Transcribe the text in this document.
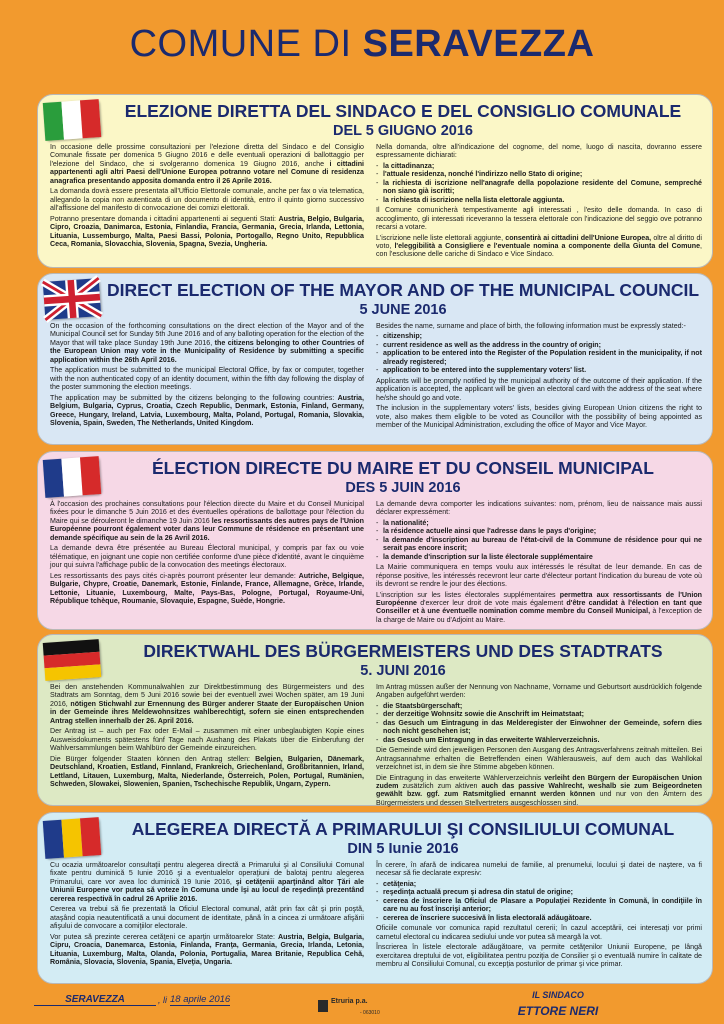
COMUNE DI SERAVEZZA
ELEZIONE DIRETTA DEL SINDACO E DEL CONSIGLIO COMUNALE
DEL 5 GIUGNO 2016

In occasione delle prossime consultazioni per l'elezione diretta del Sindaco e del Consiglio Comunale fissate per domenica 5 Giugno 2016 e delle eventuali operazioni di ballottaggio per l'elezione del Sindaco, che si svolgeranno domenica 19 Giugno 2016, anche i cittadini appartenenti agli altri Paesi dell'Unione Europea potranno votare nel Comune di residenza anagrafica presentando apposita domanda entro il 26 Aprile 2016.

La domanda dovrà essere presentata all'Ufficio Elettorale comunale, anche per fax o via telematica, allegando la copia non autenticata di un documento di identità, entro il quinto giorno successivo all'affissione del manifesto di convocazione dei comizi elettorali.

Potranno presentare domanda i cittadini appartenenti ai seguenti Stati: Austria, Belgio, Bulgaria, Cipro, Croazia, Danimarca, Estonia, Finlandia, Francia, Germania, Grecia, Irlanda, Lettonia, Lituania, Lussemburgo, Malta, Paesi Bassi, Polonia, Portogallo, Regno Unito, Repubblica Ceca, Romania, Slovacchia, Slovenia, Spagna, Svezia, Ungheria.

Nella domanda, oltre all'indicazione del cognome, del nome, luogo di nascita, dovranno essere espressamente dichiarati:

- la cittadinanza;
- l'attuale residenza, nonché l'indirizzo nello Stato di origine;
- la richiesta di iscrizione nell'anagrafe della popolazione residente del Comune, sempreché non siano già iscritti;
- la richiesta di iscrizione nella lista elettorale aggiunta.

Il Comune comunicherà tempestivamente agli interessati , l'esito delle domanda. In caso di accoglimento, gli interessati riceveranno la tessera elettorale con l'indicazione del seggio ove potranno recarsi a votare.

L'iscrizione nelle liste elettorali aggiunte, consentirà ai cittadini dell'Unione Europea, oltre al diritto di voto, l'eleggibilità a Consigliere e l'eventuale nomina a componente della Giunta del Comune, con l'esclusione delle cariche di Sindaco e Vice Sindaco.

DIRECT ELECTION OF THE MAYOR AND OF THE MUNICIPAL COUNCIL
5 JUNE 2016

On the occasion of the forthcoming consultations on the direct election of the Mayor and of the Municipal Council set for Sunday 5th June 2016 and of any balloting operation for the election of the Mayor that will take place Sunday 19th June 2016, the citizens belonging to other Countries of the European Union may vote in the Municipality of Residence by submitting a specific application within the 26th April 2016.

The application must be submitted to the municipal Electoral Office, by fax or computer, together with the non authenticated copy of an identity document, within the fifth day following the display of the poster summoning the election meetings.

The application may be submitted by the citizens belonging to the following countries: Austria, Belgium, Bulgaria, Cyprus, Croatia, Czech Republic, Denmark, Estonia, Finland, Germany, Greece, Hungary, Ireland, Latvia, Luxembourg, Malta, Poland, Portugal, Romania, Slovakia, Slovenia, Spain, Sweden, The Netherlands, United Kingdom.

Besides the name, surname and place of birth, the following information must be expressly stated:-

- citizenship;
- current residence as well as the address in the country of origin;
- application to be entered into the Register of the Population resident in the municipality, if not already registered;
- application to be entered into the supplementary voters' list.

Applicants will be promptly notified by the municipal authority of the outcome of their application. If the application is accepted, the applicant will be given an electoral card with the address of the seat where he/she should go and vote.

The inclusion in the supplementary voters' lists, besides giving European Union citizens the right to vote, also makes them eligible to be voted as Councillor with the possibility of being appointed as member of the Municipal Administration, excluding the office of Mayor and Vice Mayor.

ÉLECTION DIRECTE DU MAIRE ET DU CONSEIL MUNICIPAL
DES 5 JUIN 2016

À l'occasion des prochaines consultations pour l'élection directe du Maire et du Conseil Municipal fixées pour le dimanche 5 Juin 2016 et des éventuelles opérations de ballottage pour l'élection du Maire qui se dérouleront le dimanche 19 Juin 2016 les ressortissants des autres pays de l'Union Européenne pourront également voter dans leur Commune de résidence en présentant une demande spécifique au sein de la 26 Avril 2016.

La demande devra être présentée au Bureau Électoral municipal, y compris par fax ou voie télématique, en joignant une copie non certifiée conforme d'une pièce d'identité, avant le cinquième jour qui suivra l'affichage public de la convocation des meetings électoraux.

Les ressortissants des pays cités ci-après pourront présenter leur demande: Autriche, Belgique, Bulgarie, Chypre, Croatie, Danemark, Estonie, Finlande, France, Allemagne, Grèce, Irlande, Lettonie, Lituanie, Luxembourg, Malte, Pays-Bas, Pologne, Portugal, Royaume-Uni, République tchèque, Roumanie, Slovaquie, Espagne, Suède, Hongrie.

La demande devra comporter les indications suivantes: nom, prénom, lieu de naissance mais aussi déclarer expressément:

- la nationalité;
- la résidence actuelle ainsi que l'adresse dans le pays d'origine;
- la demande d'inscription au bureau de l'état-civil de la Commune de résidence pour qui ne serait pas encore inscrit;
- la demande d'inscription sur la liste électorale supplémentaire

La Mairie communiquera en temps voulu aux intéressés le résultat de leur demande. En cas de réponse positive, les intéressés recevront leur carte d'électeur portant l'indication du bureau de vote où ils devront se rendre le jour des élections.

L'inscription sur les listes électorales supplémentaires permettra aux ressortissants de l'Union Européenne d'exercer leur droit de vote mais également d'être candidat à l'élection en tant que Conseiller et à une éventuelle nomination comme membre du Conseil Municipal, à l'exception de la charge de Maire ou d'Adjoint au Maire.

DIREKTWAHL DES BÜRGERMEISTERS UND DES STADTRATS
5. JUNI 2016

Bei den anstehenden Kommunalwahlen zur Direktbestimmung des Bürgermeisters und des Stadtrats am Sonntag, dem 5 Juni 2016 sowie bei der eventuell zwei Wochen später, am 19 Juni 2016, nötigen Stichwahl zur Ernennung des Bürger anderer Staate der Europäischen Union in der Gemeinde ihres Meldewohnsitzes wahlberechtigt, sofern sie einen entsprechenden Antrag stellen innerhalb der 26. April 2016.

Der Antrag ist – auch per Fax oder E-Mail – zusammen mit einer unbeglaubigten Kopie eines Ausweisdokuments spätestens fünf Tage nach Aushang des Plakats über die Einberufung der Wahlversammlungen beim Wahlbüro der Gemeinde einzureichen.

Die Bürger folgender Staaten können den Antrag stellen: Belgien, Bulgarien, Dänemark, Deutschland, Kroatien, Estland, Finnland, Frankreich, Griechenland, Großbritannien, Irland, Lettland, Litauen, Luxemburg, Malta, Niederlande, Österreich, Polen, Portugal, Rumänien, Schweden, Slowakei, Slowenien, Spanien, Tschechische Republik, Ungarn, Zypern.

Im Antrag müssen außer der Nennung von Nachname, Vorname und Geburtsort ausdrücklich folgende Angaben aufgeführt werden:

- die Staatsbürgerschaft;
- der derzeitige Wohnsitz sowie die Anschrift im Heimatstaat;
- das Gesuch um Eintragung in das Melderegister der Einwohner der Gemeinde, sofern dies noch nicht geschehen ist;
- das Gesuch um Eintragung in das erweiterte Wählerverzeichnis.

Die Gemeinde wird den jeweiligen Personen den Ausgang des Antragsverfahrens zeitnah mitteilen. Bei Antragsannahme erhalten die Betreffenden einen Wählerausweis, auf dem auch das Wahllokal verzeichnet ist, in dem sie ihre Stimme abgeben können.

Die Eintragung in das erweiterte Wählerverzeichnis verleiht den Bürgern der Europäischen Union zudem zusätzlich zum aktiven auch das passive Wahlrecht, weshalb sie zum Beigeordneten gewählt bzw. ggf. zum Ratsmitglied ernannt werden können und nur von den Ämtern des Bürgermeisters und dessen Stellvertreters ausgeschlossen sind.

ALEGEREA DIRECTĂ A PRIMARULUI ŞI CONSILIULUI COMUNAL
DIN 5 Iunie 2016

Cu ocazia următoarelor consultaţii pentru alegerea directă a Primarului şi al Consiliului Comunal fixate pentru duminică 5 Iunie 2016 şi a eventualelor operaţiuni de balotaj pentru alegerea Primarului, care vor avea loc duminică 19 Iunie 2016, şi cetăţenii aparţinând altor Ţări ale Uniunii Europene vor putea să voteze în Comuna unde îşi au locul de reşedinţă prezentând cererea respectivă în cadrul 26 Aprilie 2016.

Cererea va trebui să fie prezentată la Oficiul Electoral comunal, atât prin fax cât şi prin poştă, ataşând copia neautentificată a unui document de identitate, până în a cincea zi următoare afişării afişului de convocare a comiţiilor electorale.

Vor putea să prezinte cererea cetăţeni ce aparţin următoarelor State: Austria, Belgia, Bulgaria, Cipru, Croacia, Danemarca, Estonia, Finlanda, Franţa, Germania, Grecia, Irlanda, Letonia, Lituania, Luxemburg, Malta, Olanda, Polonia, Portugalia, Marea Britanie, Republica Cehă, România, Slovacia, Slovenia, Spania, Elveţia, Ungaria.

În cerere, în afară de indicarea numelui de familie, al prenumelui, locului şi datei de naştere, va fi necesar să fie declarate expresiv:

- cetăţenia;
- reşedinţa actuală precum şi adresa din statul de origine;
- cererea de înscriere la Oficiul de Plasare a Populaţiei Rezidente în Comună, în condiţiile în care nu au fost înscrişi anterior;
- cererea de înscriere succesivă în lista electorală adăugătoare.

Oficiile comunale vor comunica rapid rezultatul cererii; în cazul acceptării, cei interesaţi vor primi carnetul electoral cu indicarea sediului unde vor putea să meargă la vot.

Înscrierea în listele electorale adăugătoare, va permite cetăţenilor Uniunii Europene, pe lângă exercitarea dreptului de vot, eligibilitatea pentru poziţia de Consilier şi o eventuală numire în calitate de membru al Consiliului Comunal, cu excepţia posturilor de primar şi vice primar.

SERAVEZZA	, li 18 aprile 2016	Etruria p.a.
- 063010
IL SINDACO
ETTORE NERI
